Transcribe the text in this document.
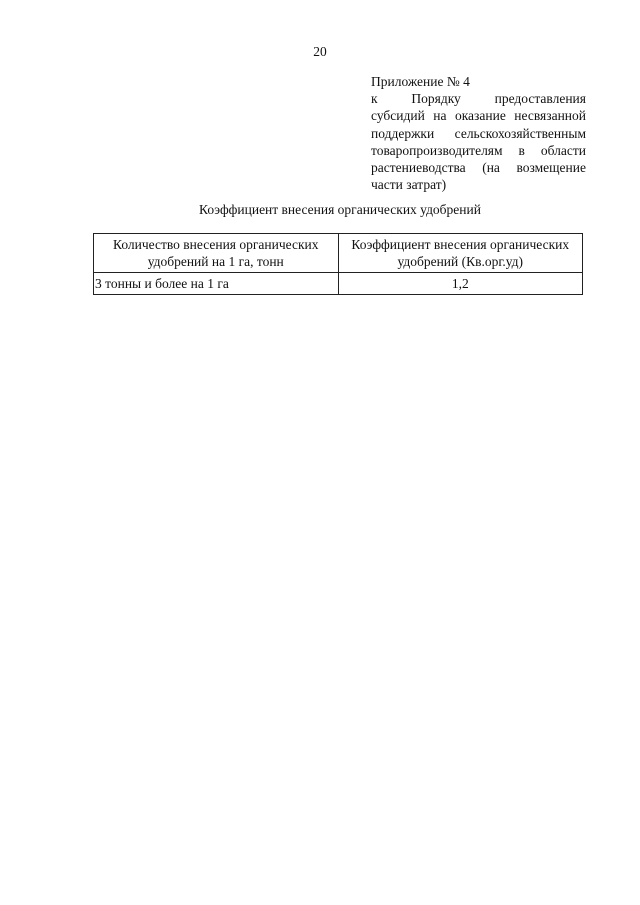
20
Приложение № 4
к Порядку предоставления
субсидий на оказание несвязанной
поддержки сельскохозяйственным
товаропроизводителям в области
растениеводства (на возмещение
части затрат)
Коэффициент внесения органических удобрений
Количество внесения органических удобрений на 1 га, тонн	Коэффициент внесения органических удобрений (Кв.орг.уд)
3 тонны и более на 1 га	1,2
